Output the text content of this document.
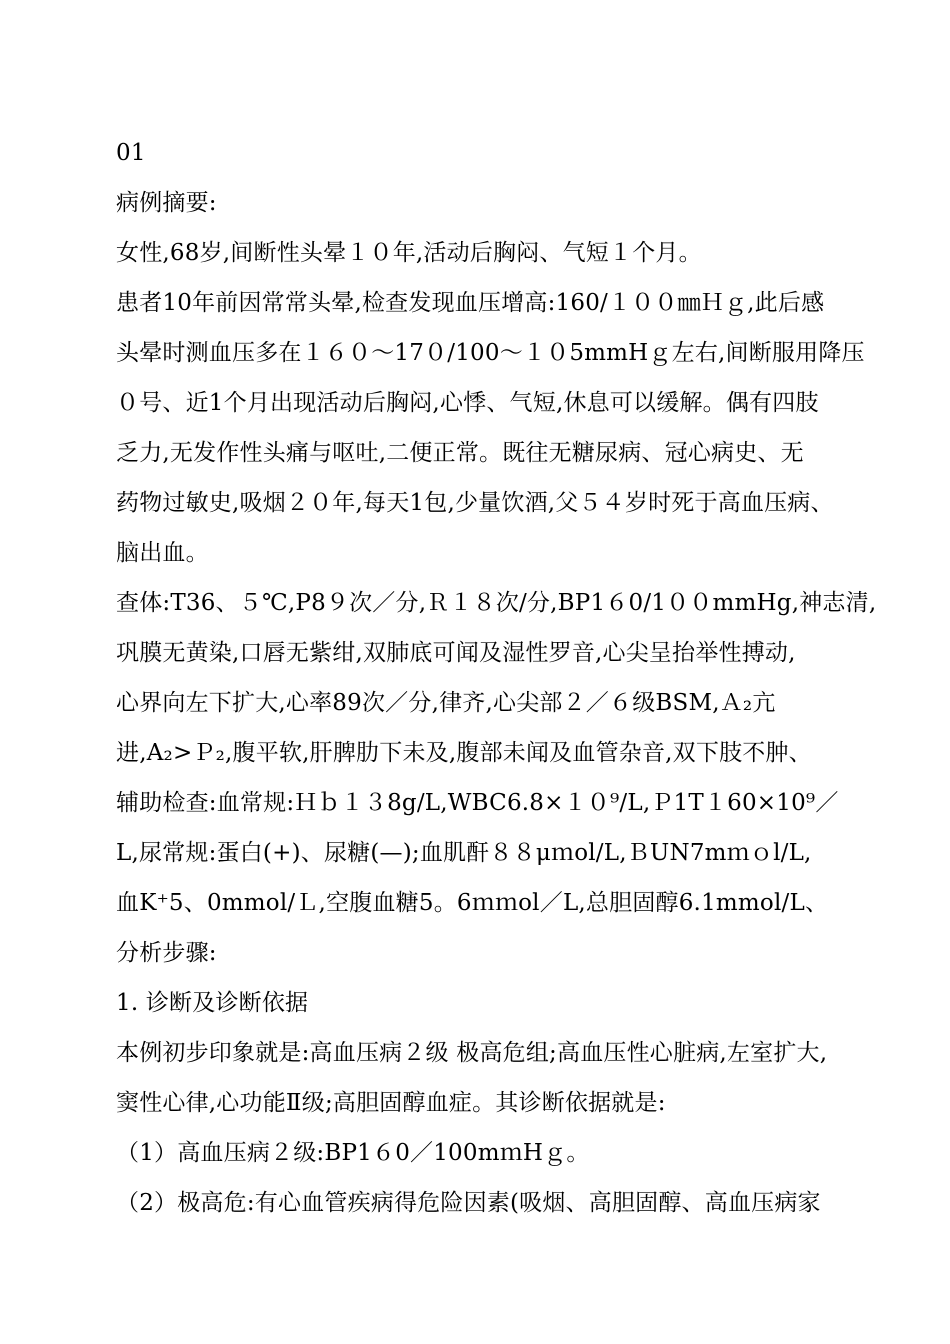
01
病例摘要:
女性,68岁,间断性头晕１０年,活动后胸闷、气短１个月。
患者10年前因常常头晕,检查发现血压增高:160/１００㎜Ｈｇ,此后感
头晕时测血压多在１６０～17０/100～１０5mmHｇ左右,间断服用降压
０号、近1个月出现活动后胸闷,心悸、气短,休息可以缓解。偶有四肢
乏力,无发作性头痛与呕吐,二便正常。既往无糖尿病、冠心病史、无
药物过敏史,吸烟２０年,每天1包,少量饮酒,父５４岁时死于高血压病、
脑出血。
查体:T36、５℃,P8９次／分,Ｒ１８次/分,BP1６0/1００mmHg,神志清,
巩膜无黄染,口唇无紫绀,双肺底可闻及湿性罗音,心尖呈抬举性搏动,
心界向左下扩大,心率89次／分,律齐,心尖部２／６级BSM,Ａ₂亢
进,A₂>Ｐ₂,腹平软,肝脾肋下未及,腹部未闻及血管杂音,双下肢不肿、
辅助检查:血常规:Ｈｂ１３8g/L,WBC6.8×１０⁹/L,Ｐ1T１60×10⁹／
L,尿常规:蛋白(+)、尿糖(—);血肌酐８８μｍol/L,ＢUN7mｍｏl/L,
血K⁺5、0mmol/Ｌ,空腹血糖5。6ｍｍol／L,总胆固醇6.1mmol/L、
分析步骤:
1. 诊断及诊断依据
本例初步印象就是:高血压病２级 极高危组;高血压性心脏病,左室扩大,
窦性心律,心功能Ⅱ级;高胆固醇血症。其诊断依据就是:
（1）高血压病２级:BP1６0／100mｍHｇ。
（2）极高危:有心血管疾病得危险因素(吸烟、高胆固醇、高血压病家
